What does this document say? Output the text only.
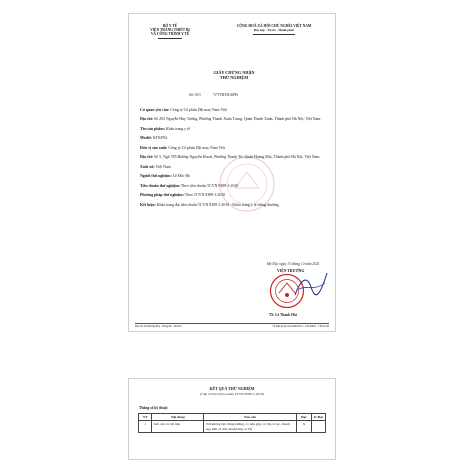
BỘ Y TẾ
VIỆN TRANG THIẾT BỊ
VÀ CÔNG TRÌNH Y TẾ
CỘNG HOÀ XÃ HỘI CHỦ NGHĨA VIỆT NAM
Độc lập - Tự do - Hạnh phúc
GIẤY CHỨNG NHẬN
THỬ NGHIỆM
Số: 853	/VTTB-DGSPH
Cơ quan yêu cầu: Công ty Cổ phần Dệt may Nam Việt
Địa chỉ: Số 203 Nguyễn Huy Tưởng, Phường Thanh Xuân Trung, Quận Thanh Xuân, Thành phố Hà Nội, Việt Nam.
Tên sản phẩm: Khẩu trang y tế
Model: KTKF94
Đơn vị sản xuất: Công ty Cổ phần Dệt may Nam Việt
Địa chỉ: Số 5, Ngõ 785 Đường Nguyễn Khoái, Phường Thanh Trì, Quận Hoàng Mai, Thành phố Hà Nội, Việt Nam.
Xuất xứ: Việt Nam
Người thử nghiệm: Lê Đức Hà
Tiêu chuẩn thử nghiệm: Theo tiêu chuẩn TCVN 8389-1:2010
Phương pháp thử nghiệm: Theo TCVN 8389-1:2010
Kết luận: Khẩu trang đạt tiêu chuẩn TCVN 8389-1:2010 - Khẩu trang y tế thông thường.
Hà Nội, ngày 15 tháng 10 năm 2021
VIỆN TRƯỞNG
TS. Lê Thanh Hải
Địa chỉ: 40 Phương Mai - Đống Đa - Hà Nội	Số điện thoại: 024-62925314 - 3 8523065 - 3 8521240
KẾT QUẢ THỬ NGHIỆM
(Căn cứ theo tiêu chuẩn TCVN 8389-1:2010)
Thông số kỹ thuật
TT	Nội dung	Yêu cầu	Đạt	K.Đạt
1	Kết cấu và vật liệu	Vải không dệt, đúng phẳng, có nếp gấp; có lớp vi lọc, thanh nẹp mũi và dây đeo(không có lỗ)	X	
